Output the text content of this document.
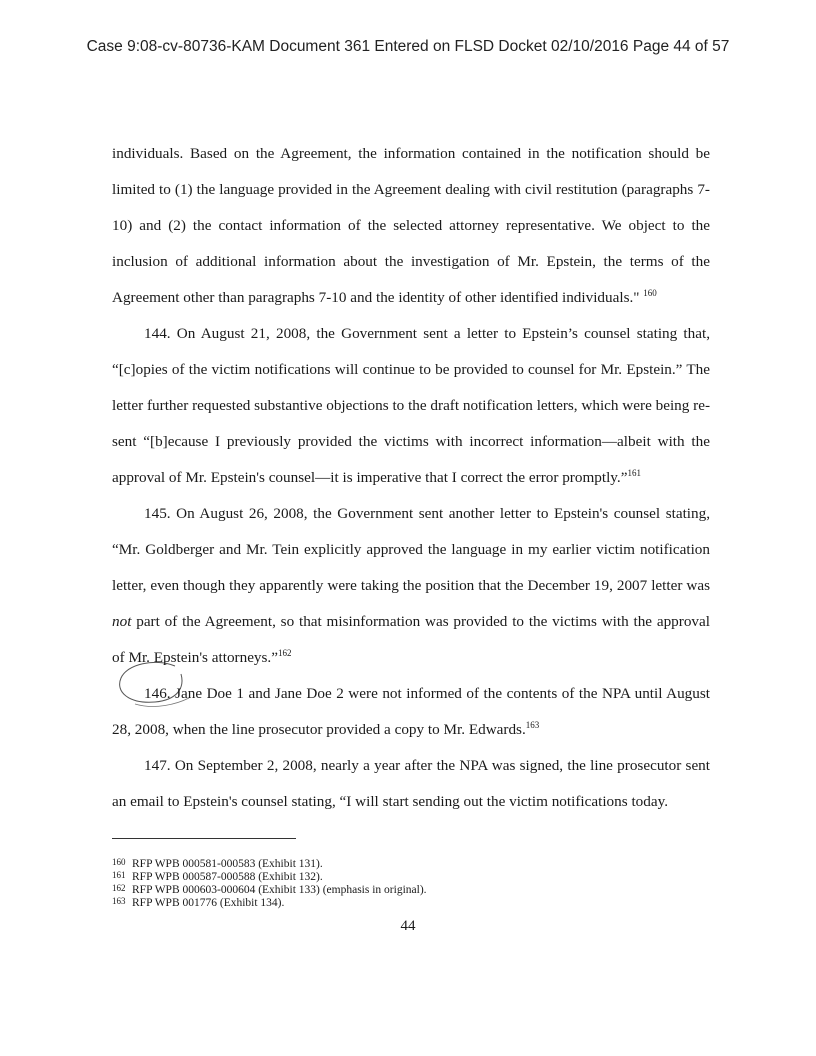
Case 9:08-cv-80736-KAM Document 361 Entered on FLSD Docket 02/10/2016 Page 44 of 57

individuals. Based on the Agreement, the information contained in the notification should be limited to (1) the language provided in the Agreement dealing with civil restitution (paragraphs 7-10) and (2) the contact information of the selected attorney representative. We object to the inclusion of additional information about the investigation of Mr. Epstein, the terms of the Agreement other than paragraphs 7-10 and the identity of other identified individuals." $^{160}$

144. On August 21, 2008, the Government sent a letter to Epstein’s counsel stating that, “[c]opies of the victim notifications will continue to be provided to counsel for Mr. Epstein.” The letter further requested substantive objections to the draft notification letters, which were being re-sent “[b]ecause I previously provided the victims with incorrect information—albeit with the approval of Mr. Epstein's counsel—it is imperative that I correct the error promptly.”$^{161}$

145. On August 26, 2008, the Government sent another letter to Epstein's counsel stating, “Mr. Goldberger and Mr. Tein explicitly approved the language in my earlier victim notification letter, even though they apparently were taking the position that the December 19, 2007 letter was not part of the Agreement, so that misinformation was provided to the victims with the approval of Mr. Epstein's attorneys.”$^{162}$

146. Jane Doe 1 and Jane Doe 2 were not informed of the contents of the NPA until August 28, 2008, when the line prosecutor provided a copy to Mr. Edwards.$^{163}$

147. On September 2, 2008, nearly a year after the NPA was signed, the line prosecutor sent an email to Epstein's counsel stating, “I will start sending out the victim notifications today.

160 RFP WPB 000581-000583 (Exhibit 131).
161 RFP WPB 000587-000588 (Exhibit 132).
162 RFP WPB 000603-000604 (Exhibit 133) (emphasis in original).
163 RFP WPB 001776 (Exhibit 134).
44
